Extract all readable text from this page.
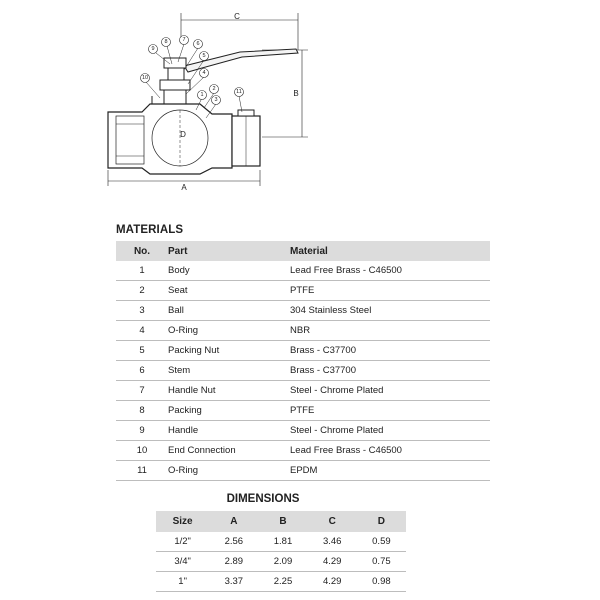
9
8	7
6
5
4
10
2
3
1	11
C
B
A
D
MATERIALS
No.	Part	Material
1	Body	Lead Free Brass - C46500
2	Seat	PTFE
3	Ball	304 Stainless Steel
4	O-Ring	NBR
5	Packing Nut	Brass - C37700
6	Stem	Brass - C37700
7	Handle Nut	Steel - Chrome Plated
8	Packing	PTFE
9	Handle	Steel - Chrome Plated
10	End Connection	Lead Free Brass - C46500
11	O-Ring	EPDM
DIMENSIONS
Size	A	B	C	D
1/2"	2.56	1.81	3.46	0.59
3/4"	2.89	2.09	4.29	0.75
1"	3.37	2.25	4.29	0.98
